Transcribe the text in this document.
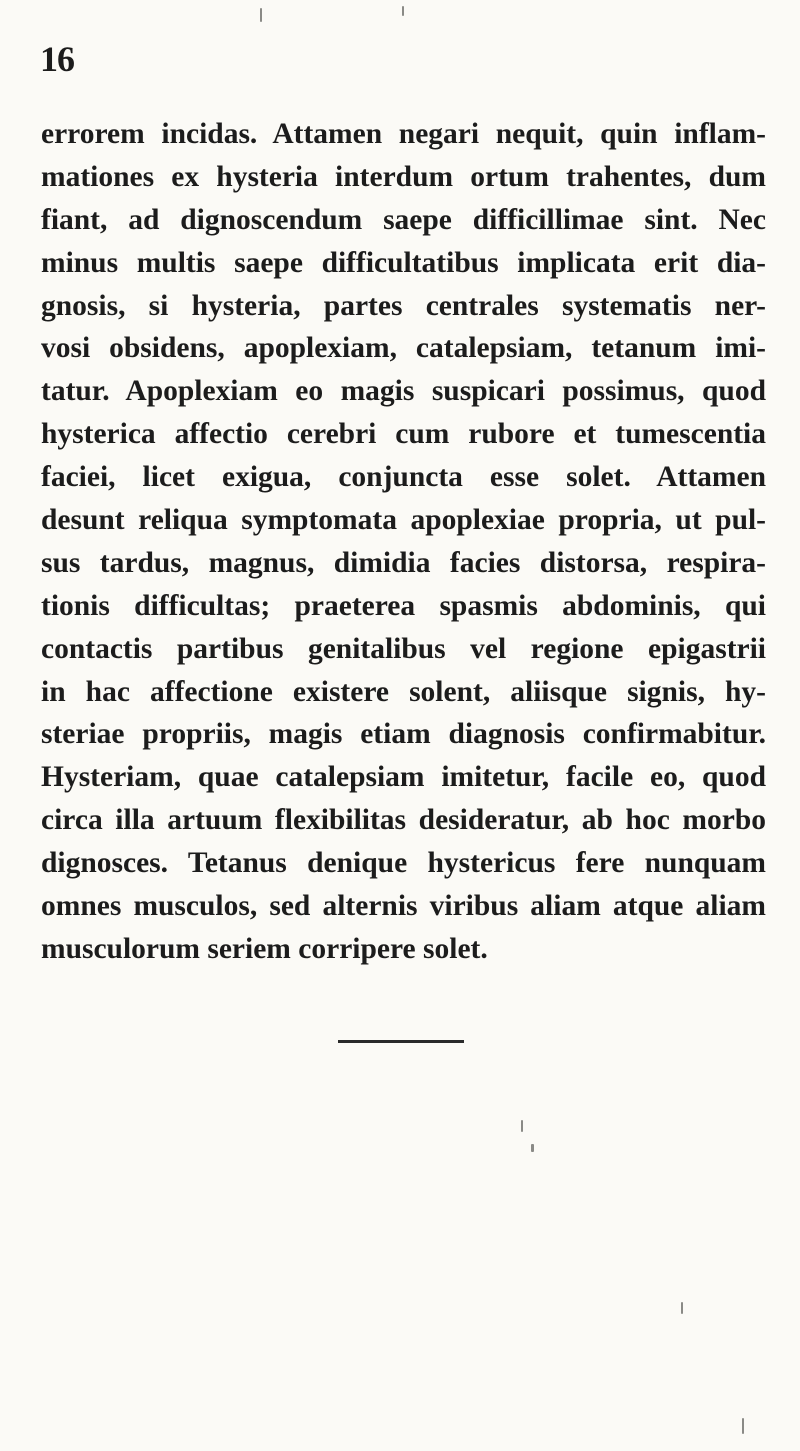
16
errorem incidas. Attamen negari nequit, quin inflam-
mationes ex hysteria interdum ortum trahentes, dum
fiant, ad dignoscendum saepe difficillimae sint. Nec
minus multis saepe difficultatibus implicata erit dia-
gnosis, si hysteria, partes centrales systematis ner-
vosi obsidens, apoplexiam, catalepsiam, tetanum imi-
tatur. Apoplexiam eo magis suspicari possimus, quod
hysterica affectio cerebri cum rubore et tumescentia
faciei, licet exigua, conjuncta esse solet. Attamen
desunt reliqua symptomata apoplexiae propria, ut pul-
sus tardus, magnus, dimidia facies distorsa, respira-
tionis difficultas; praeterea spasmis abdominis, qui
contactis partibus genitalibus vel regione epigastrii
in hac affectione existere solent, aliisque signis, hy-
steriae propriis, magis etiam diagnosis confirmabitur.
Hysteriam, quae catalepsiam imitetur, facile eo, quod
circa illa artuum flexibilitas desideratur, ab hoc morbo
dignosces. Tetanus denique hystericus fere nunquam
omnes musculos, sed alternis viribus aliam atque aliam
musculorum seriem corripere solet.
